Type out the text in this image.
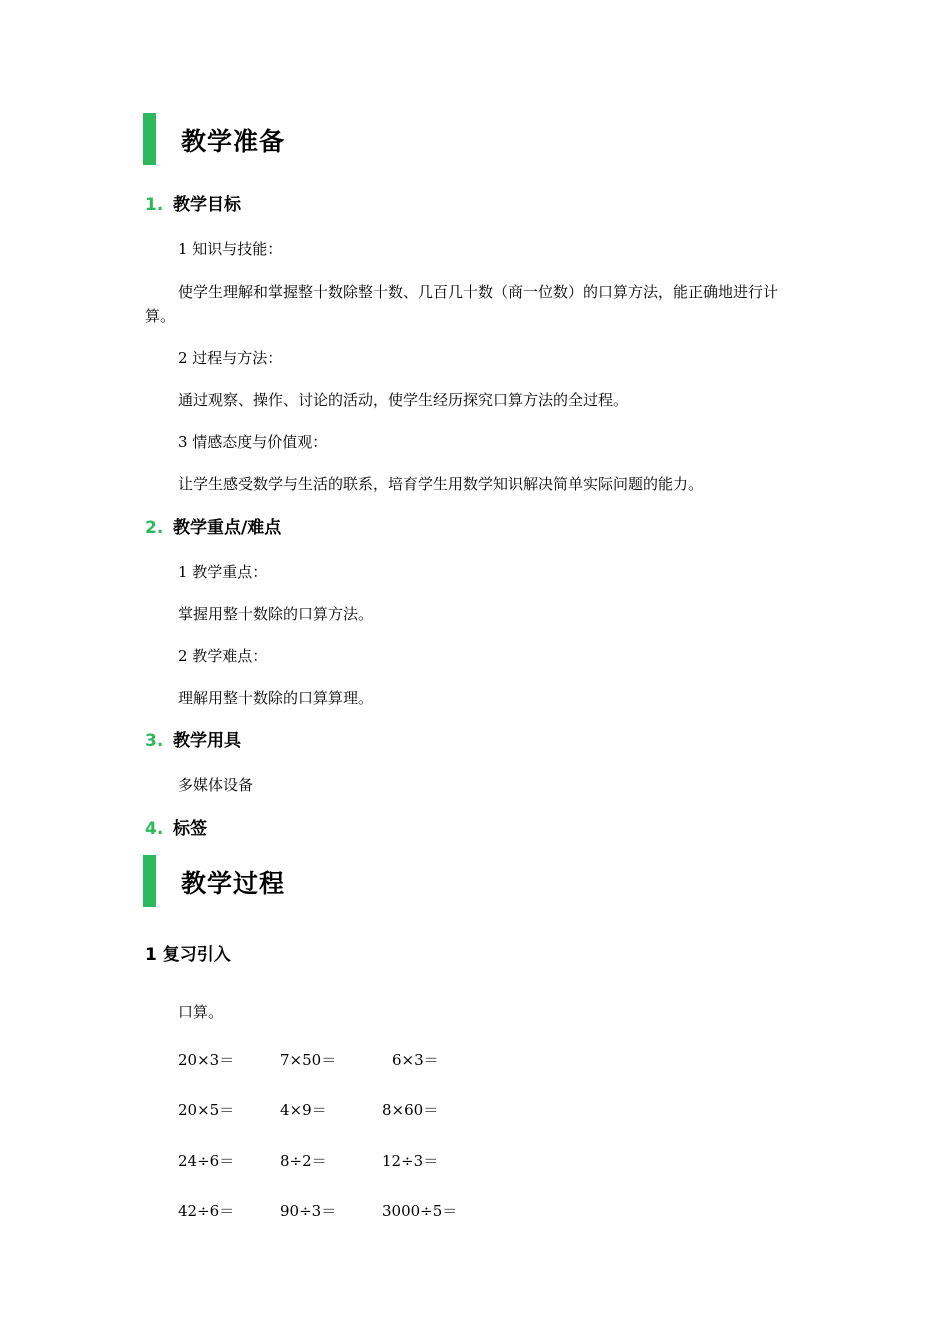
教学准备
1. 教学目标
1 知识与技能：
使学生理解和掌握整十数除整十数、几百几十数（商一位数）的口算方法，能正确地进行计算。
2 过程与方法：
通过观察、操作、讨论的活动，使学生经历探究口算方法的全过程。
3 情感态度与价值观：
让学生感受数学与生活的联系，培育学生用数学知识解决简单实际问题的能力。
2. 教学重点/难点
1 教学重点：
掌握用整十数除的口算方法。
2 教学难点：
理解用整十数除的口算算理。
3. 教学用具
多媒体设备
4. 标签
教学过程
1 复习引入
口算。
20×3＝	7×50＝	6×3＝
20×5＝	4×9＝	8×60＝
24÷6＝	8÷2＝	12÷3＝
42÷6＝	90÷3＝	3000÷5＝
